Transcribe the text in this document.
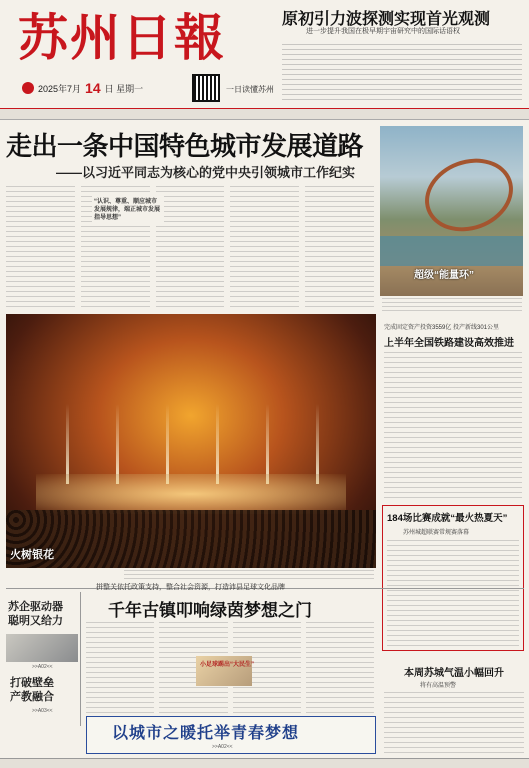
苏州日報
2025年7月 14 日 星期一	一日读懂苏州
原初引力波探测实现首光观测
进一步提升我国在极早期宇宙研究中的国际话语权
走出一条中国特色城市发展道路
——以习近平同志为核心的党中央引领城市工作纪实
“认识、尊重、顺应城市发展规律，端正城市发展指导思想”
超级“能量环”
完成固定资产投资3559亿 投产新线301公里
上半年全国铁路建设高效推进
184场比赛成就“最火热夏天”
苏州城超联赛常规赛落幕
本周苏城气温小幅回升
将有高温预警
火树银花
苏企驱动器
聪明又给力
>>A02<<
打破壁垒
产教融合
>>A03<<
拼整关依托政策支持，整合社会资源，打造沛县足球文化品牌
千年古镇叩响绿茵梦想之门
小足球踢出“大民生”
以城市之暖托举青春梦想
>>A02<<
